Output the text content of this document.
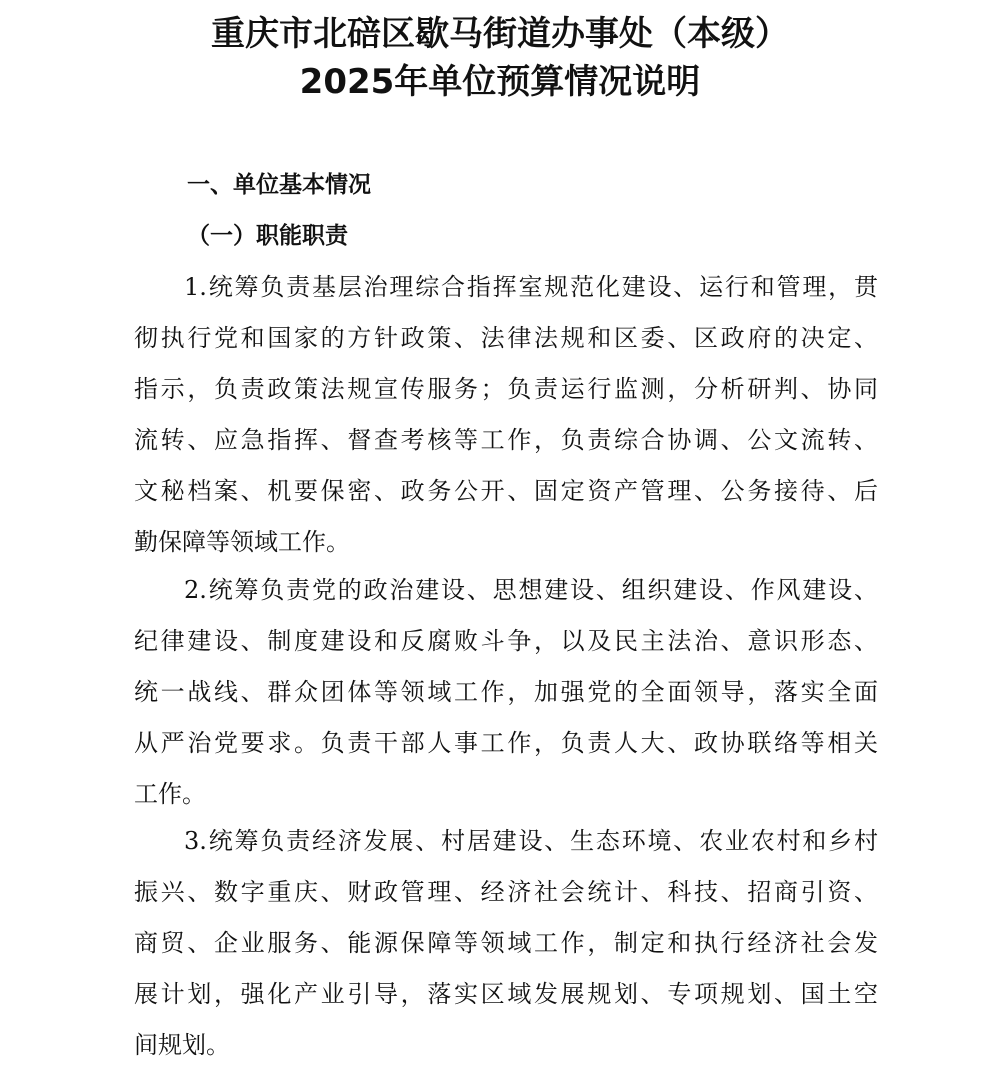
重庆市北碚区歇马街道办事处（本级）
2025年单位预算情况说明
一、单位基本情况
（一）职能职责
1.统筹负责基层治理综合指挥室规范化建设、运行和管理，贯
彻执行党和国家的方针政策、法律法规和区委、区政府的决定、
指示，负责政策法规宣传服务；负责运行监测，分析研判、协同
流转、应急指挥、督查考核等工作，负责综合协调、公文流转、
文秘档案、机要保密、政务公开、固定资产管理、公务接待、后
勤保障等领域工作。
2.统筹负责党的政治建设、思想建设、组织建设、作风建设、
纪律建设、制度建设和反腐败斗争，以及民主法治、意识形态、
统一战线、群众团体等领域工作，加强党的全面领导，落实全面
从严治党要求。负责干部人事工作，负责人大、政协联络等相关
工作。
3.统筹负责经济发展、村居建设、生态环境、农业农村和乡村
振兴、数字重庆、财政管理、经济社会统计、科技、招商引资、
商贸、企业服务、能源保障等领域工作，制定和执行经济社会发
展计划，强化产业引导，落实区域发展规划、专项规划、国土空
间规划。
